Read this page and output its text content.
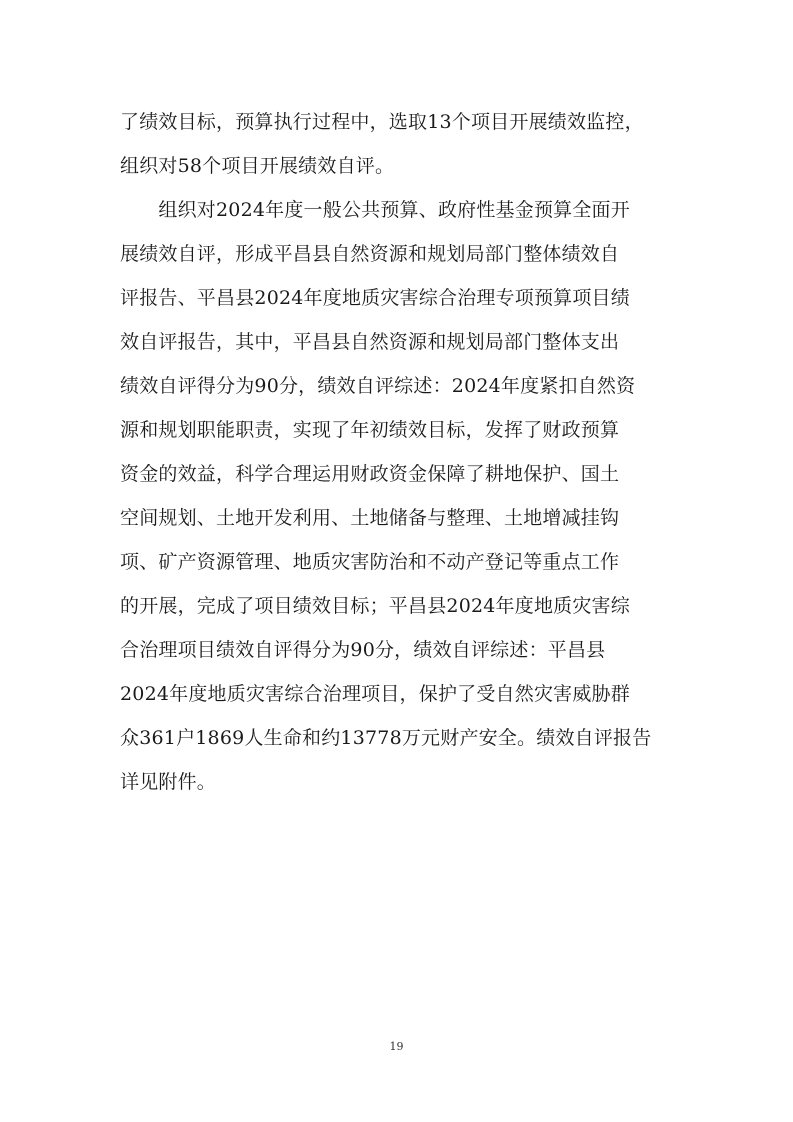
了绩效目标，预算执行过程中，选取13个项目开展绩效监控，
组织对58个项目开展绩效自评。
　　组织对2024年度一般公共预算、政府性基金预算全面开
展绩效自评，形成平昌县自然资源和规划局部门整体绩效自
评报告、平昌县2024年度地质灾害综合治理专项预算项目绩
效自评报告，其中，平昌县自然资源和规划局部门整体支出
绩效自评得分为90分，绩效自评综述：2024年度紧扣自然资
源和规划职能职责，实现了年初绩效目标，发挥了财政预算
资金的效益，科学合理运用财政资金保障了耕地保护、国土
空间规划、土地开发利用、土地储备与整理、土地增减挂钩
项、矿产资源管理、地质灾害防治和不动产登记等重点工作
的开展，完成了项目绩效目标；平昌县2024年度地质灾害综
合治理项目绩效自评得分为90分，绩效自评综述：平昌县
2024年度地质灾害综合治理项目，保护了受自然灾害威胁群
众361户1869人生命和约13778万元财产安全。绩效自评报告
详见附件。
19
